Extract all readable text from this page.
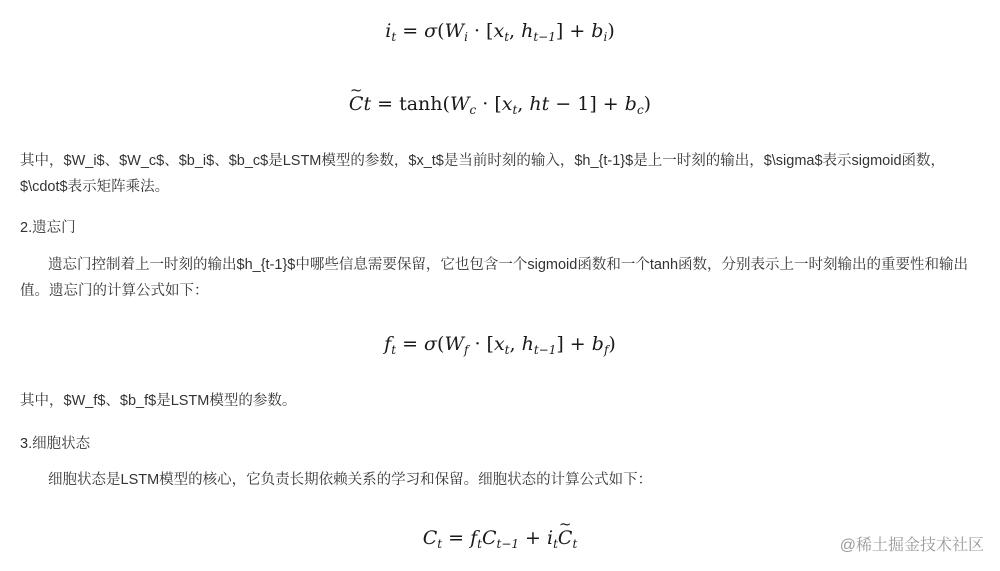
$i_t = \sigma(W_i \cdot [x_t$, $h_{t-1}] + b_i$)
~ $Ct = \tanh(W_c \cdot [x_t$, ht − $1] + b_c$)
其中，$W_i$、$W_c$、$b_i$、$b_c$是LSTM模型的参数，$x_t$是当前时刻的输入，$h_{t-1}$是上一时刻的输出，$\sigma$表示sigmoid函数，$\cdot$表示矩阵乘法。
2.遗忘门
遗忘门控制着上一时刻的输出$h_{t-1}$中哪些信息需要保留，它也包含一个sigmoid函数和一个tanh函数，分别表示上一时刻输出的重要性和输出值。遗忘门的计算公式如下：
$f_t = \sigma(W_f \cdot [x_t$, $h_{t-1}] + b_f$)
其中，$W_f$、$b_f$是LSTM模型的参数。
3.细胞状态
细胞状态是LSTM模型的核心，它负责长期依赖关系的学习和保留。细胞状态的计算公式如下：
$C_t = f_tC_{t-1}$ + $i_t\sim$ $C_t$	@稀土掘金技术社区
